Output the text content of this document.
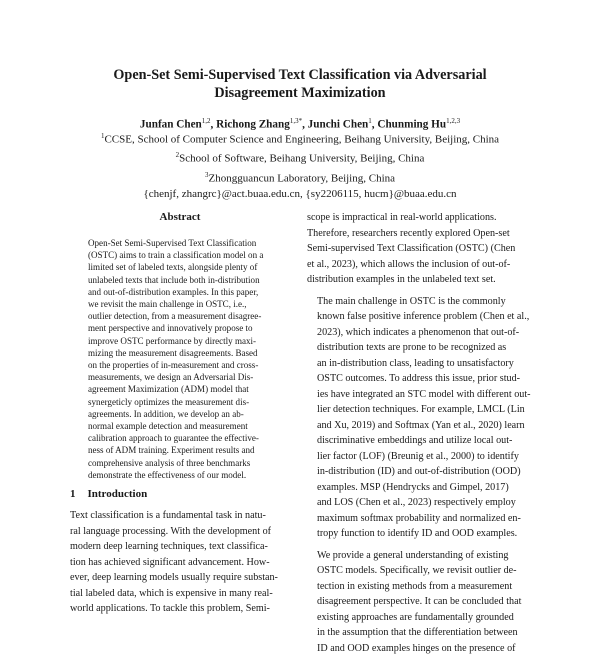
Open-Set Semi-Supervised Text Classification via Adversarial
Disagreement Maximization
Junfan Chen$^{1,2}$, Richong Zhang$^{1,3*}$, Junchi Chen$^1$, Chunming Hu$^{1,2,3}$
$^1$CCSE, School of Computer Science and Engineering, Beihang University, Beijing, China
$^2$School of Software, Beihang University, Beijing, China
$^3$Zhongguancun Laboratory, Beijing, China
{chenjf, zhangrc}@act.buaa.edu.cn, {sy2206115, hucm}@buaa.edu.cn
Abstract
Open-Set Semi-Supervised Text Classification
(OSTC) aims to train a classification model on a
limited set of labeled texts, alongside plenty of
unlabeled texts that include both in-distribution
and out-of-distribution examples. In this paper,
we revisit the main challenge in OSTC, i.e.,
outlier detection, from a measurement disagree-
ment perspective and innovatively propose to
improve OSTC performance by directly maxi-
mizing the measurement disagreements. Based
on the properties of in-measurement and cross-
measurements, we design an Adversarial Dis-
agreement Maximization (ADM) model that
synergeticly optimizes the measurement dis-
agreements. In addition, we develop an ab-
normal example detection and measurement
calibration approach to guarantee the effective-
ness of ADM training. Experiment results and
comprehensive analysis of three benchmarks
demonstrate the effectiveness of our model.
1 Introduction
Text classification is a fundamental task in natu-
ral language processing. With the development of
modern deep learning techniques, text classifica-
tion has achieved significant advancement. How-
ever, deep learning models usually require substan-
tial labeled data, which is expensive in many real-
world applications. To tackle this problem, Semi-
scope is impractical in real-world applications.
Therefore, researchers recently explored Open-set
Semi-supervised Text Classification (OSTC) (Chen
et al., 2023), which allows the inclusion of out-of-
distribution examples in the unlabeled text set.
The main challenge in OSTC is the commonly
known false positive inference problem (Chen et al.,
2023), which indicates a phenomenon that out-of-
distribution texts are prone to be recognized as
an in-distribution class, leading to unsatisfactory
OSTC outcomes. To address this issue, prior stud-
ies have integrated an STC model with different out-
lier detection techniques. For example, LMCL (Lin
and Xu, 2019) and Softmax (Yan et al., 2020) learn
discriminative embeddings and utilize local out-
lier factor (LOF) (Breunig et al., 2000) to identify
in-distribution (ID) and out-of-distribution (OOD)
examples. MSP (Hendrycks and Gimpel, 2017)
and LOS (Chen et al., 2023) respectively employ
maximum softmax probability and normalized en-
tropy function to identify ID and OOD examples.
We provide a general understanding of existing
OSTC models. Specifically, we revisit outlier de-
tection in existing methods from a measurement
disagreement perspective. It can be concluded that
existing approaches are fundamentally grounded
in the assumption that the differentiation between
ID and OOD examples hinges on the presence of
